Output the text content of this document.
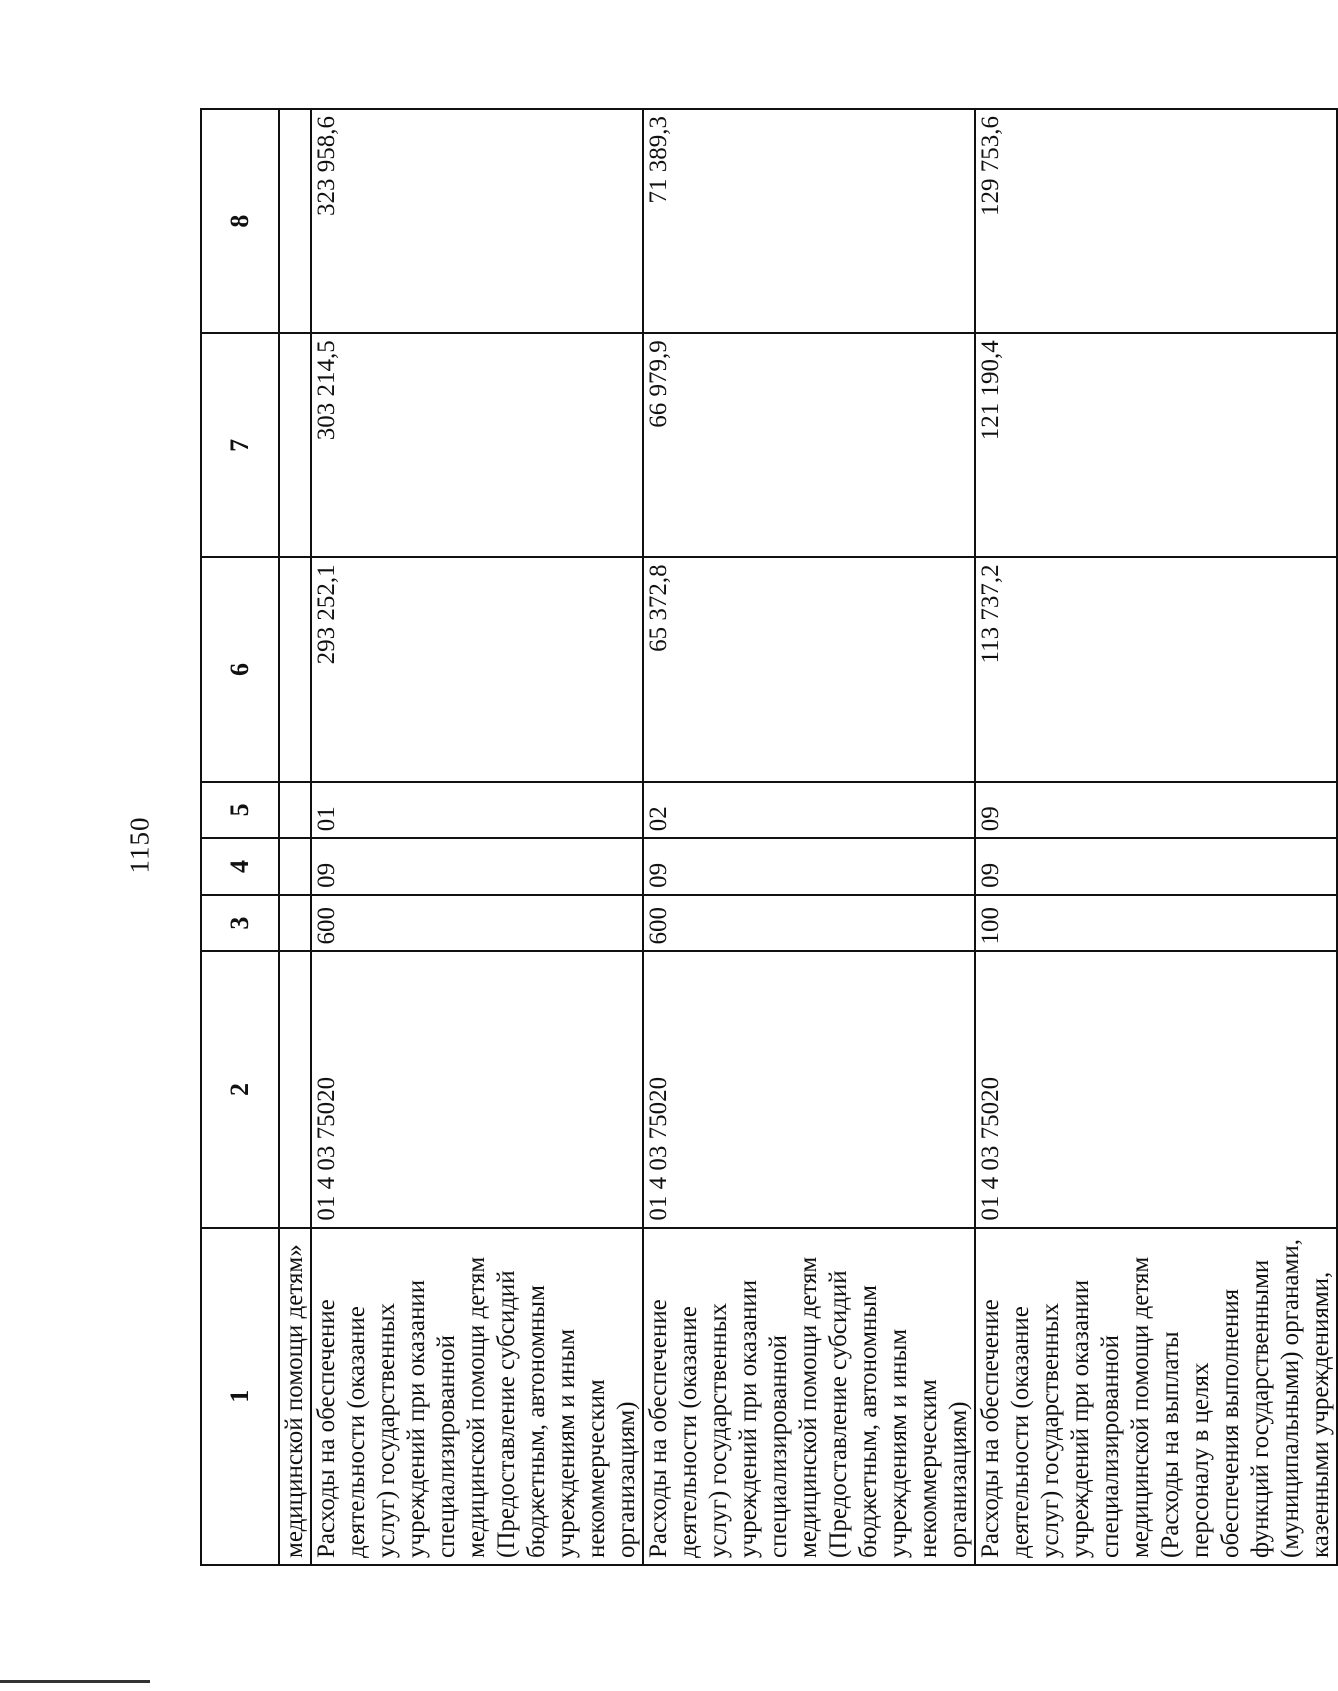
1150
1	2	3	4	5	6	7	8
медицинской помощи детям»							
Расходы на обеспечение деятельности (оказание услуг) государственных учреждений при оказании специализированной медицинской помощи детям (Предоставление субсидий бюджетным, автономным учреждениям и иным некоммерческим организациям)	01 4 03 75020	600	09	01	293 252,1	303 214,5	323 958,6
Расходы на обеспечение деятельности (оказание услуг) государственных учреждений при оказании специализированной медицинской помощи детям (Предоставление субсидий бюджетным, автономным учреждениям и иным некоммерческим организациям)	01 4 03 75020	600	09	02	65 372,8	66 979,9	71 389,3
Расходы на обеспечение деятельности (оказание услуг) государственных учреждений при оказании специализированной медицинской помощи детям (Расходы на выплаты персоналу в целях обеспечения выполнения функций государственными (муниципальными) органами, казенными учреждениями,	01 4 03 75020	100	09	09	113 737,2	121 190,4	129 753,6
